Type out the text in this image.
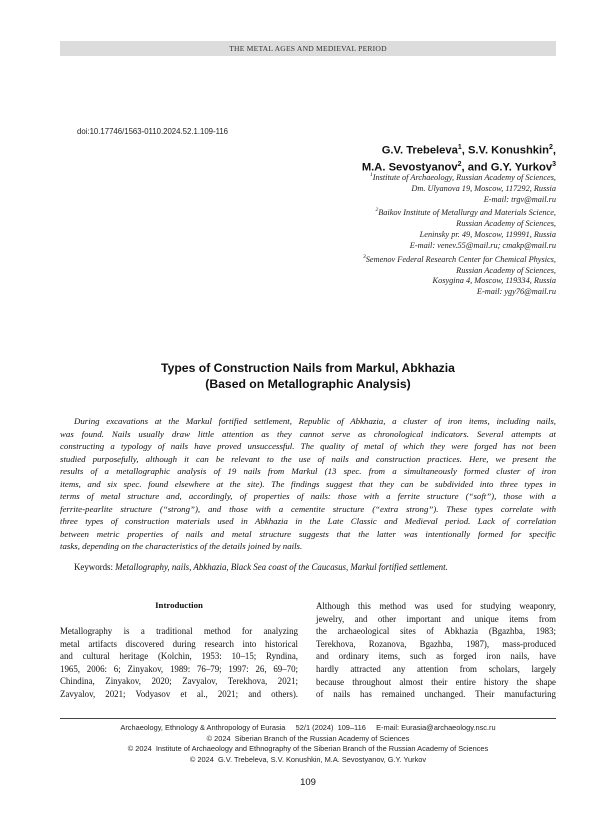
THE METAL AGES AND MEDIEVAL PERIOD
doi:10.17746/1563-0110.2024.52.1.109-116
G.V. Trebeleva$^1$, S.V. Konushkin$^2$,
M.A. Sevostyanov$^2$, and G.Y. Yurkov$^3$
$^1$Institute of Archaeology, Russian Academy of Sciences,
Dm. Ulyanova 19, Moscow, 117292, Russia
E-mail: trgv@mail.ru
$^2$Baikov Institute of Metallurgy and Materials Science,
Russian Academy of Sciences,
Leninsky pr. 49, Moscow, 119991, Russia
E-mail: venev.55@mail.ru; cmakp@mail.ru
$^3$Semenov Federal Research Center for Chemical Physics,
Russian Academy of Sciences,
Kosygina 4, Moscow, 119334, Russia
E-mail: ygy76@mail.ru
Types of Construction Nails from Markul, Abkhazia
(Based on Metallographic Analysis)
During excavations at the Markul fortified settlement, Republic of Abkhazia, a cluster of iron items, including nails,
was found. Nails usually draw little attention as they cannot serve as chronological indicators. Several attempts at
constructing a typology of nails have proved unsuccessful. The quality of metal of which they were forged has not been
studied purposefully, although it can be relevant to the use of nails and construction practices. Here, we present the
results of a metallographic analysis of 19 nails from Markul (13 spec. from a simultaneously formed cluster of iron
items, and six spec. found elsewhere at the site). The findings suggest that they can be subdivided into three types in
terms of metal structure and, accordingly, of properties of nails: those with a ferrite structure (“soft”), those with a
ferrite-pearlite structure (“strong”), and those with a cementite structure (“extra strong”). These types correlate with
three types of construction materials used in Abkhazia in the Late Classic and Medieval period. Lack of correlation
between metric properties of nails and metal structure suggests that the latter was intentionally formed for specific
tasks, depending on the characteristics of the details joined by nails.
Keywords: Metallography, nails, Abkhazia, Black Sea coast of the Caucasus, Markul fortified settlement.
Introduction
Metallography is a traditional method for analyzing
metal artifacts discovered during research into historical
and cultural heritage (Kolchin, 1953: 10–15; Ryndina,
1965, 2006: 6; Zinyakov, 1989: 76–79; 1997: 26, 69–70;
Chindina, Zinyakov, 2020; Zavyalov, Terekhova, 2021;
Zavyalov, 2021; Vodyasov et al., 2021; and others).
Although this method was used for studying weaponry,
jewelry, and other important and unique items from
the archaeological sites of Abkhazia (Bgazhba, 1983;
Terekhova, Rozanova, Bgazhba, 1987), mass-produced
and ordinary items, such as forged iron nails, have
hardly attracted any attention from scholars, largely
because throughout almost their entire history the shape
of nails has remained unchanged. Their manufacturing
Archaeology, Ethnology & Anthropology of Eurasia     52/1 (2024)  109–116     E-mail: Eurasia@archaeology.nsc.ru
© 2024  Siberian Branch of the Russian Academy of Sciences
© 2024  Institute of Archaeology and Ethnography of the Siberian Branch of the Russian Academy of Sciences
© 2024  G.V. Trebeleva, S.V. Konushkin, M.A. Sevostyanov, G.Y. Yurkov
109
